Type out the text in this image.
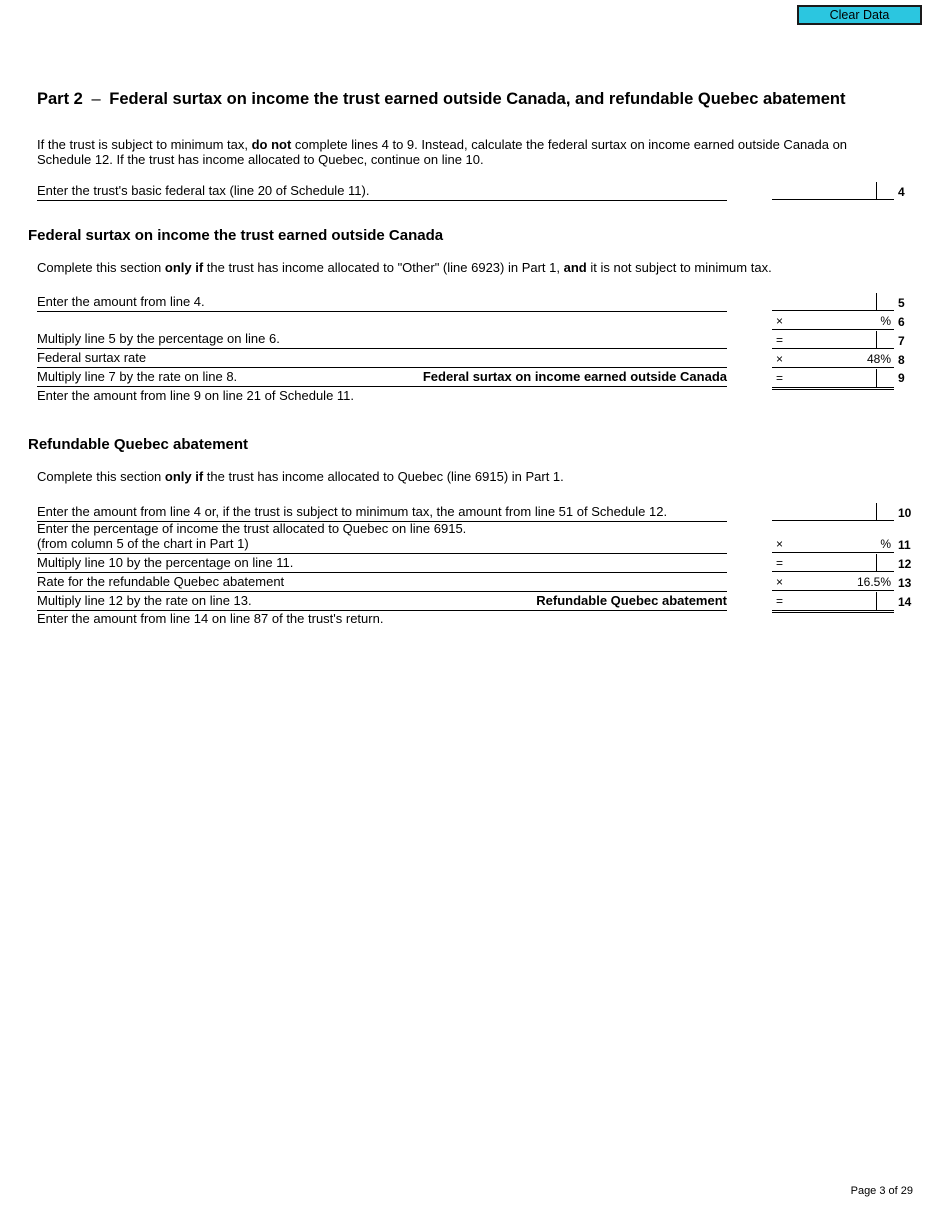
Clear Data
Part 2 – Federal surtax on income the trust earned outside Canada, and refundable Quebec abatement
If the trust is subject to minimum tax, do not complete lines 4 to 9. Instead, calculate the federal surtax on income earned outside Canada on Schedule 12. If the trust has income allocated to Quebec, continue on line 10.
Enter the trust's basic federal tax (line 20 of Schedule 11).	4
Federal surtax on income the trust earned outside Canada
Complete this section only if the trust has income allocated to "Other" (line 6923) in Part 1, and it is not subject to minimum tax.
Enter the amount from line 4.	5
×	% 6
Multiply line 5 by the percentage on line 6.	=	7
Federal surtax rate	×	48% 8
Multiply line 7 by the rate on line 8.	Federal surtax on income earned outside Canada	=	9
Enter the amount from line 9 on line 21 of Schedule 11.
Refundable Quebec abatement
Complete this section only if the trust has income allocated to Quebec (line 6915) in Part 1.
Enter the amount from line 4 or, if the trust is subject to minimum tax, the amount from line 51 of Schedule 12.	10
Enter the percentage of income the trust allocated to Quebec on line 6915.
(from column 5 of the chart in Part 1)	×	% 11
Multiply line 10 by the percentage on line 11.	=	12
Rate for the refundable Quebec abatement	×	16.5% 13
Multiply line 12 by the rate on line 13.	Refundable Quebec abatement	=	14
Enter the amount from line 14 on line 87 of the trust's return.
Page 3 of 29
